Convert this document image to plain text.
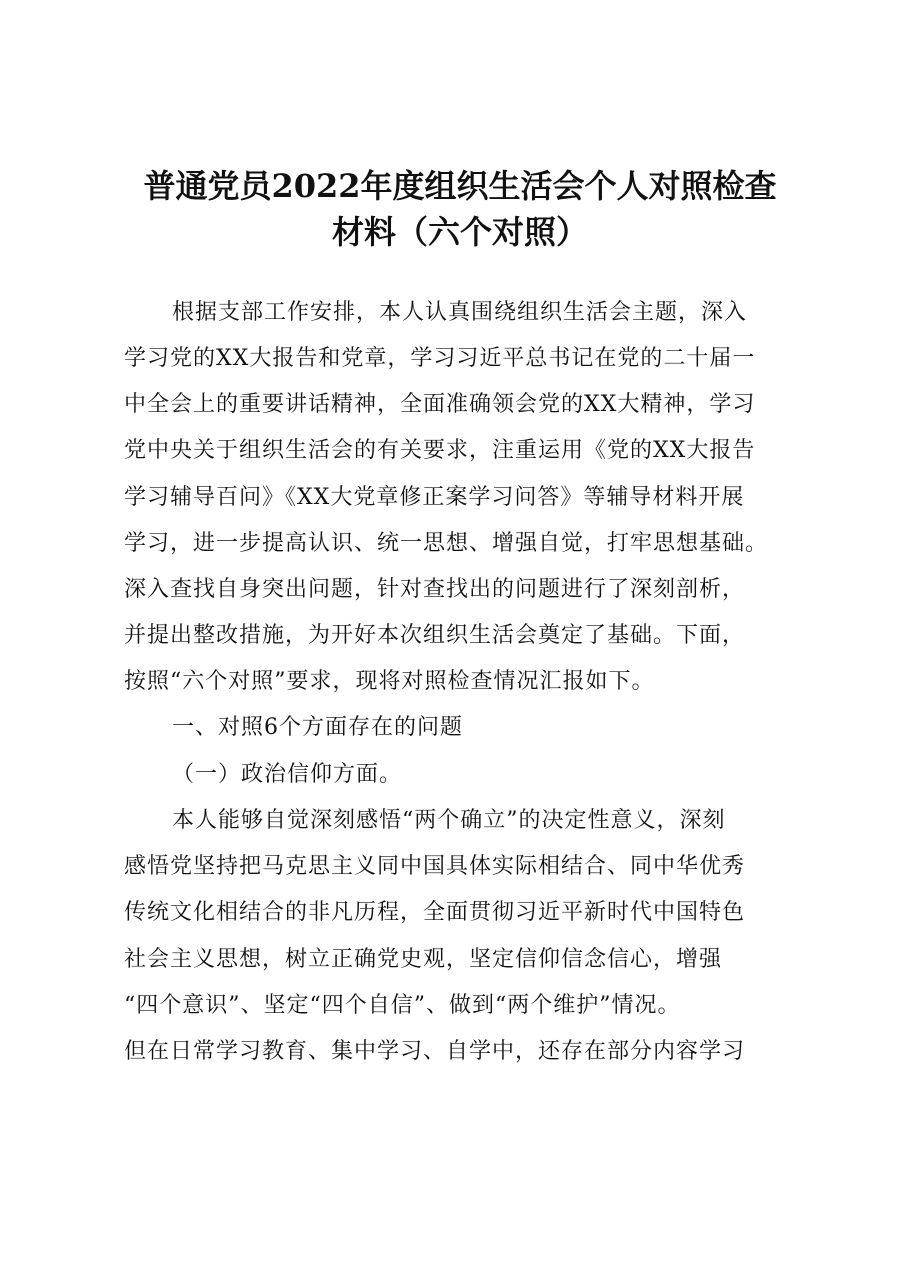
普通党员2022年度组织生活会个人对照检查
材料（六个对照）
根据支部工作安排，本人认真围绕组织生活会主题，深入
学习党的XX大报告和党章，学习习近平总书记在党的二十届一
中全会上的重要讲话精神，全面准确领会党的XX大精神，学习
党中央关于组织生活会的有关要求，注重运用《党的XX大报告
学习辅导百问》《XX大党章修正案学习问答》等辅导材料开展
学习，进一步提高认识、统一思想、增强自觉，打牢思想基础。
深入查找自身突出问题，针对查找出的问题进行了深刻剖析，
并提出整改措施，为开好本次组织生活会奠定了基础。下面，
按照“六个对照”要求，现将对照检查情况汇报如下。
一、对照6个方面存在的问题
（一）政治信仰方面。
本人能够自觉深刻感悟“两个确立”的决定性意义，深刻
感悟党坚持把马克思主义同中国具体实际相结合、同中华优秀
传统文化相结合的非凡历程，全面贯彻习近平新时代中国特色
社会主义思想，树立正确党史观，坚定信仰信念信心，增强
“四个意识”、坚定“四个自信”、做到“两个维护”情况。
但在日常学习教育、集中学习、自学中，还存在部分内容学习
